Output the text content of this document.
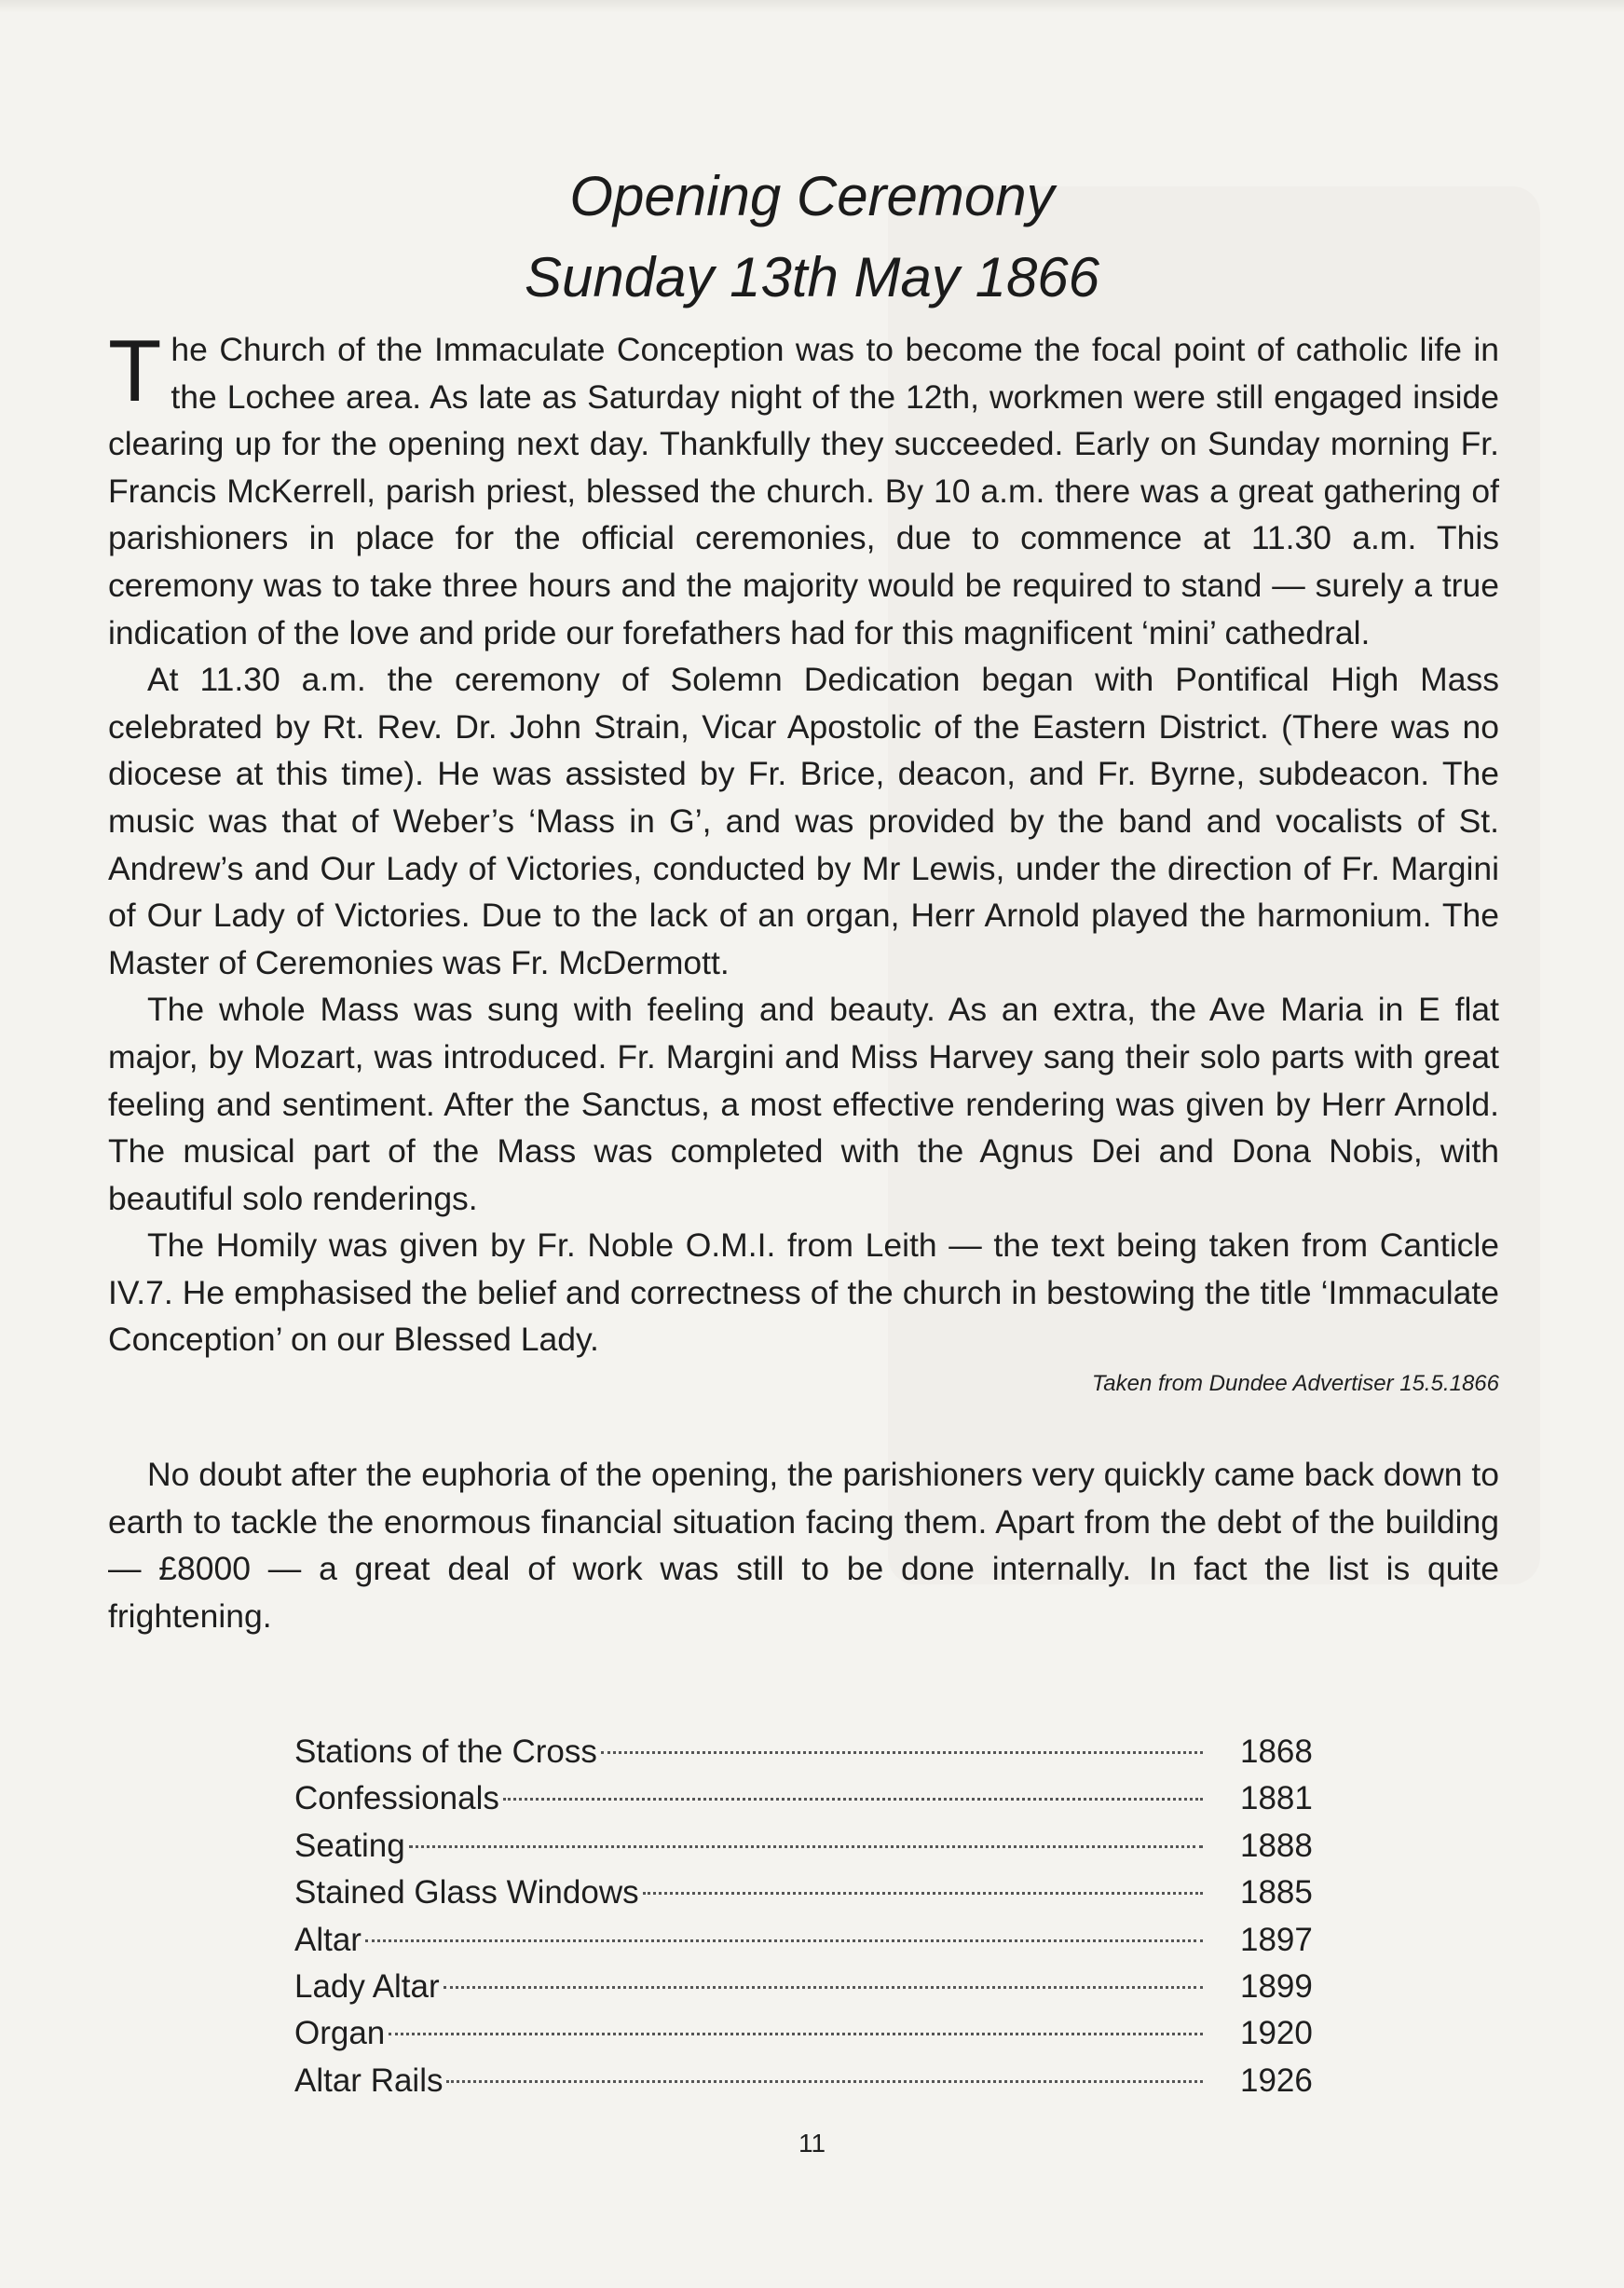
Opening Ceremony
Sunday 13th May 1866

The Church of the Immaculate Conception was to become the focal point of catholic life in the Lochee area. As late as Saturday night of the 12th, workmen were still engaged inside clearing up for the opening next day. Thankfully they succeeded. Early on Sunday morning Fr. Francis McKerrell, parish priest, blessed the church. By 10 a.m. there was a great gathering of parishioners in place for the official ceremonies, due to commence at 11.30 a.m. This ceremony was to take three hours and the majority would be required to stand — surely a true indication of the love and pride our forefathers had for this magnificent ‘mini’ cathedral.

At 11.30 a.m. the ceremony of Solemn Dedication began with Pontifical High Mass celebrated by Rt. Rev. Dr. John Strain, Vicar Apostolic of the Eastern District. (There was no diocese at this time). He was assisted by Fr. Brice, deacon, and Fr. Byrne, subdeacon. The music was that of Weber’s ‘Mass in G’, and was provided by the band and vocalists of St. Andrew’s and Our Lady of Victories, conducted by Mr Lewis, under the direction of Fr. Margini of Our Lady of Victories. Due to the lack of an organ, Herr Arnold played the harmonium. The Master of Ceremonies was Fr. McDermott.

The whole Mass was sung with feeling and beauty. As an extra, the Ave Maria in E flat major, by Mozart, was introduced. Fr. Margini and Miss Harvey sang their solo parts with great feeling and sentiment. After the Sanctus, a most effective rendering was given by Herr Arnold. The musical part of the Mass was completed with the Agnus Dei and Dona Nobis, with beautiful solo renderings.

The Homily was given by Fr. Noble O.M.I. from Leith — the text being taken from Canticle IV.7. He emphasised the belief and correctness of the church in bestowing the title ‘Immaculate Conception’ on our Blessed Lady.

Taken from Dundee Advertiser 15.5.1866

No doubt after the euphoria of the opening, the parishioners very quickly came back down to earth to tackle the enormous financial situation facing them. Apart from the debt of the building — £8000 — a great deal of work was still to be done internally. In fact the list is quite frightening.

Stations of the Cross	1868
Confessionals	1881
Seating	1888
Stained Glass Windows	1885
Altar	1897
Lady Altar	1899
Organ	1920
Altar Rails	1926
11
